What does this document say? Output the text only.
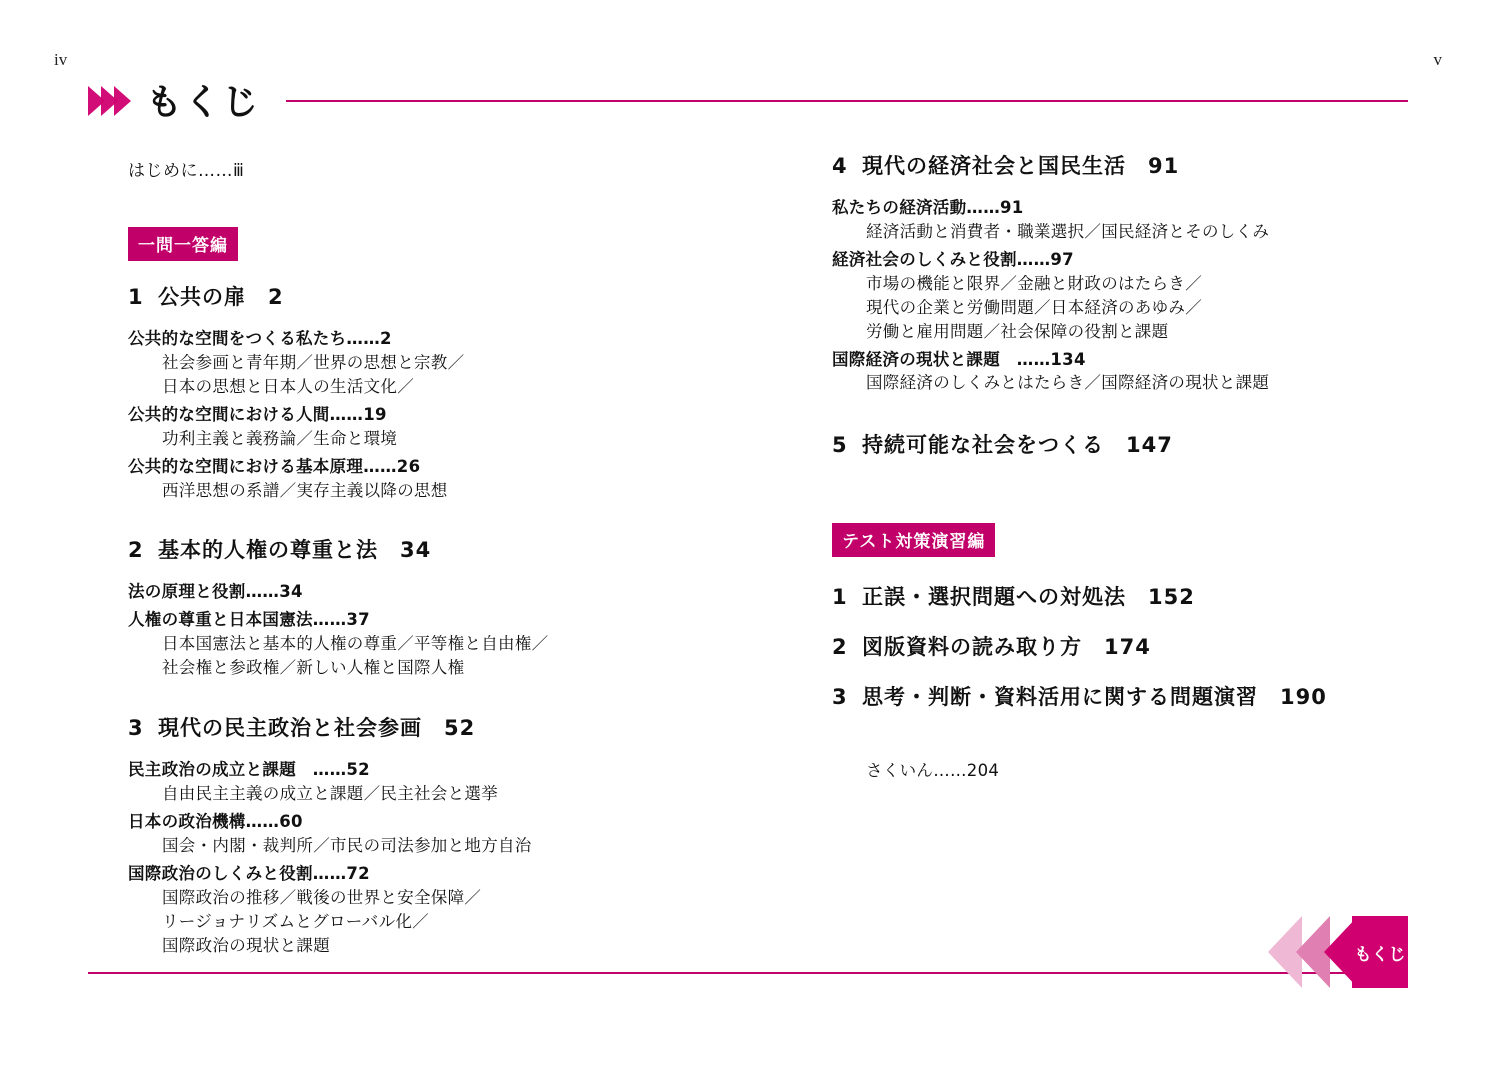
iv	v
もくじ
はじめに……ⅲ
一問一答編
1 公共の扉　2
公共的な空間をつくる私たち……2
社会参画と青年期／世界の思想と宗教／
日本の思想と日本人の生活文化／
公共的な空間における人間……19
功利主義と義務論／生命と環境
公共的な空間における基本原理……26
西洋思想の系譜／実存主義以降の思想
2 基本的人権の尊重と法　34
法の原理と役割……34
人権の尊重と日本国憲法……37
日本国憲法と基本的人権の尊重／平等権と自由権／
社会権と参政権／新しい人権と国際人権
3 現代の民主政治と社会参画　52
民主政治の成立と課題　……52
自由民主主義の成立と課題／民主社会と選挙
日本の政治機構……60
国会・内閣・裁判所／市民の司法参加と地方自治
国際政治のしくみと役割……72
国際政治の推移／戦後の世界と安全保障／
リージョナリズムとグローバル化／
国際政治の現状と課題
4 現代の経済社会と国民生活　91
私たちの経済活動……91
経済活動と消費者・職業選択／国民経済とそのしくみ
経済社会のしくみと役割……97
市場の機能と限界／金融と財政のはたらき／
現代の企業と労働問題／日本経済のあゆみ／
労働と雇用問題／社会保障の役割と課題
国際経済の現状と課題　……134
国際経済のしくみとはたらき／国際経済の現状と課題
5 持続可能な社会をつくる　147
テスト対策演習編
1 正誤・選択問題への対処法　152
2 図版資料の読み取り方　174
3 思考・判断・資料活用に関する問題演習　190
さくいん……204
もくじ
